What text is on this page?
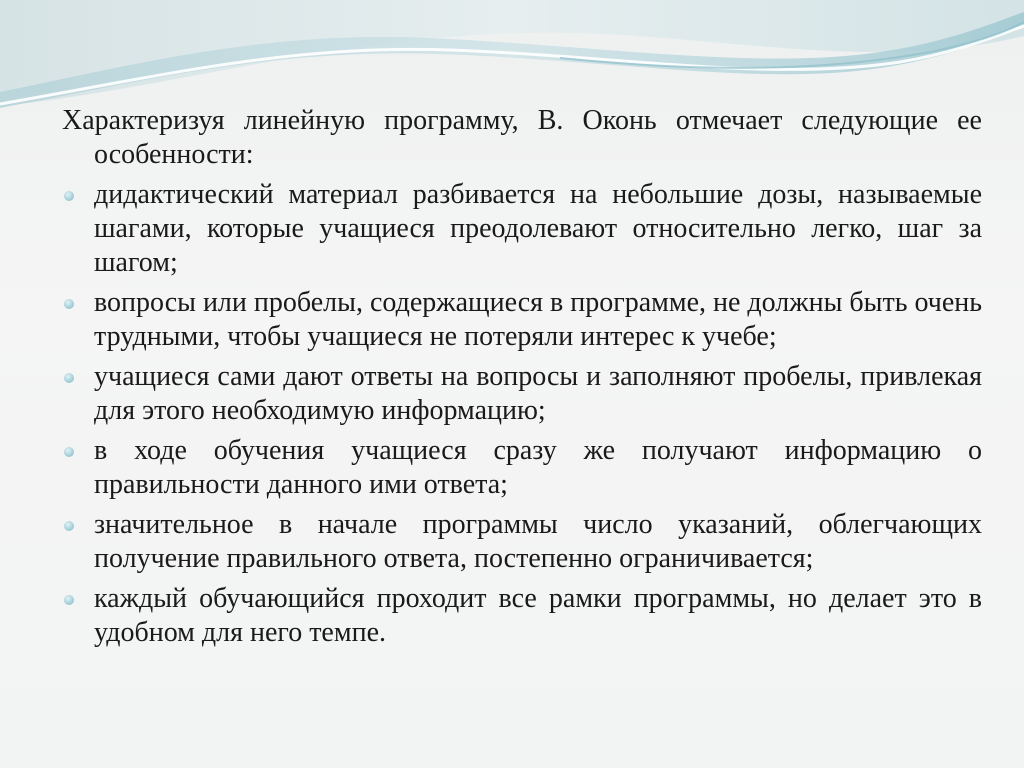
Характеризуя линейную программу, В. Оконь отмечает следующие ее особенности:

дидактический материал разбивается на небольшие дозы, называемые шагами, которые учащиеся преодолевают относительно легко, шаг за шагом;
вопросы или пробелы, содержащиеся в программе, не должны быть очень трудными, чтобы учащиеся не потеряли интерес к учебе;
учащиеся сами дают ответы на вопросы и заполняют пробелы, привлекая для этого необходимую информацию;
в ходе обучения учащиеся сразу же получают информацию о правильности данного ими ответа;
значительное в начале программы число указаний, облегчающих получение правильного ответа, постепенно ограничивается;
каждый обучающийся проходит все рамки программы, но делает это в удобном для него темпе.
